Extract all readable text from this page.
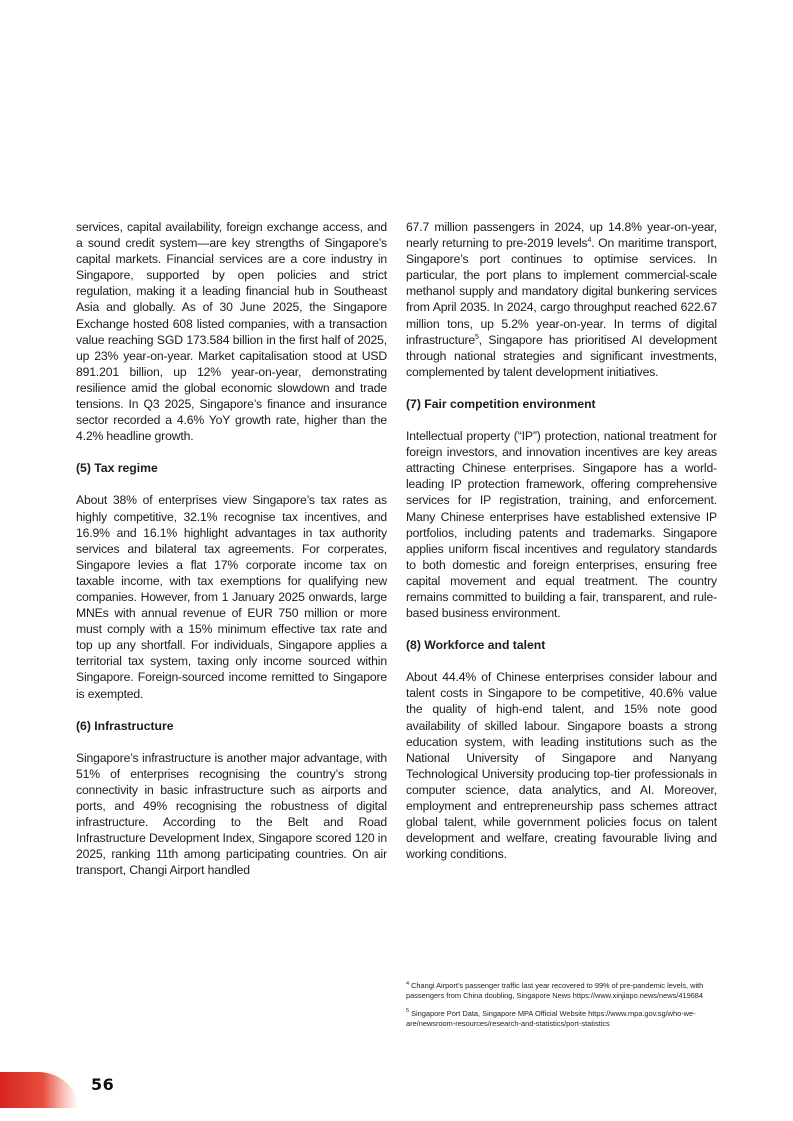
services, capital availability, foreign exchange access, and a sound credit system—are key strengths of Singapore’s capital markets. Financial services are a core industry in Singapore, supported by open policies and strict regulation, making it a leading financial hub in Southeast Asia and globally. As of 30 June 2025, the Singapore Exchange hosted 608 listed companies, with a transaction value reaching SGD 173.584 billion in the first half of 2025, up 23% year-on-year. Market capitalisation stood at USD 891.201 billion, up 12% year-on-year, demonstrating resilience amid the global economic slowdown and trade tensions. In Q3 2025, Singapore’s finance and insurance sector recorded a 4.6% YoY growth rate, higher than the 4.2% headline growth.

(5) Tax regime

About 38% of enterprises view Singapore’s tax rates as highly competitive, 32.1% recognise tax incentives, and 16.9% and 16.1% highlight advantages in tax authority services and bilateral tax agreements. For corperates, Singapore levies a flat 17% corporate income tax on taxable income, with tax exemptions for qualifying new companies. However, from 1 January 2025 onwards, large MNEs with annual revenue of EUR 750 million or more must comply with a 15% minimum effective tax rate and top up any shortfall. For individuals, Singapore applies a territorial tax system, taxing only income sourced within Singapore. Foreign-sourced income remitted to Singapore is exempted.

(6) Infrastructure

Singapore’s infrastructure is another major advantage, with 51% of enterprises recognising the country’s strong connectivity in basic infrastructure such as airports and ports, and 49% recognising the robustness of digital infrastructure. According to the Belt and Road Infrastructure Development Index, Singapore scored 120 in 2025, ranking 11th among participating countries. On air transport, Changi Airport handled

67.7 million passengers in 2024, up 14.8% year-on-year, nearly returning to pre-2019 levels$^4$. On maritime transport, Singapore’s port continues to optimise services. In particular, the port plans to implement commercial-scale methanol supply and mandatory digital bunkering services from April 2035. In 2024, cargo throughput reached 622.67 million tons, up 5.2% year-on-year. In terms of digital infrastructure$^5$, Singapore has prioritised AI development through national strategies and significant investments, complemented by talent development initiatives.

(7) Fair competition environment

Intellectual property (“IP”) protection, national treatment for foreign investors, and innovation incentives are key areas attracting Chinese enterprises. Singapore has a world-leading IP protection framework, offering comprehensive services for IP registration, training, and enforcement. Many Chinese enterprises have established extensive IP portfolios, including patents and trademarks. Singapore applies uniform fiscal incentives and regulatory standards to both domestic and foreign enterprises, ensuring free capital movement and equal treatment. The country remains committed to building a fair, transparent, and rule-based business environment.

(8) Workforce and talent

About 44.4% of Chinese enterprises consider labour and talent costs in Singapore to be competitive, 40.6% value the quality of high-end talent, and 15% note good availability of skilled labour. Singapore boasts a strong education system, with leading institutions such as the National University of Singapore and Nanyang Technological University producing top-tier professionals in computer science, data analytics, and AI. Moreover, employment and entrepreneurship pass schemes attract global talent, while government policies focus on talent development and welfare, creating favourable living and working conditions.

$^4$ Changi Airport’s passenger traffic last year recovered to 99% of pre-pandemic levels, with passengers from China doubling, Singapore News https://www.xinjiapo.news/news/419684

$^5$ Singapore Port Data, Singapore MPA Official Website https://www.mpa.gov.sg/who-we-are/newsroom-resources/research-and-statistics/port-statistics

56
